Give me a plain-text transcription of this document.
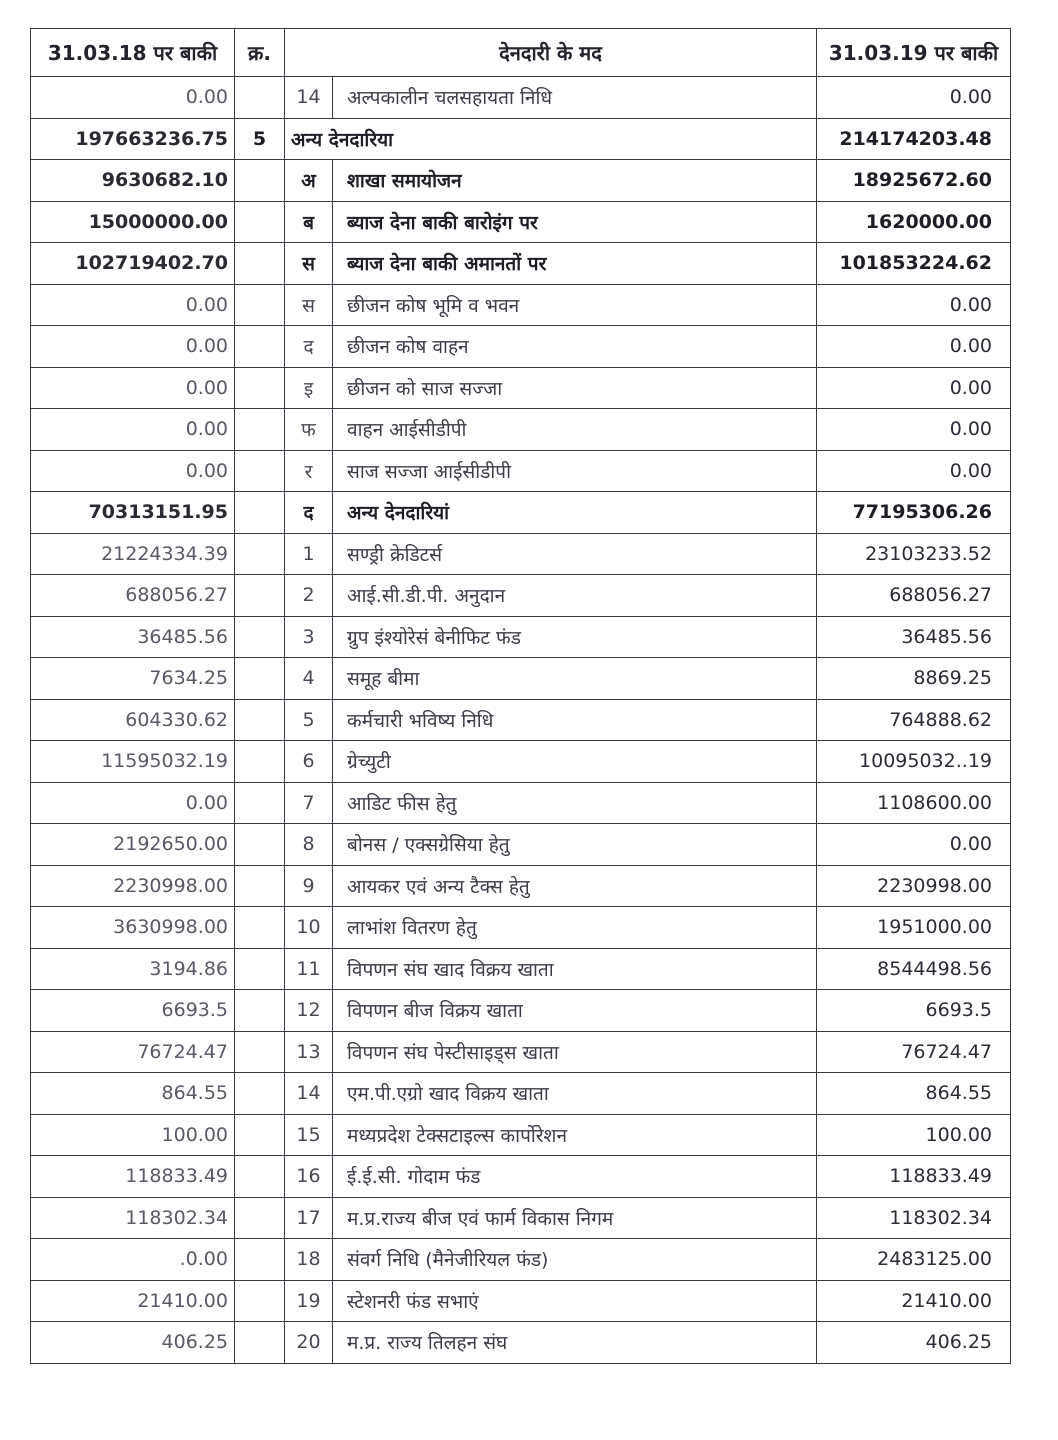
31.03.18 पर बाकी	क्र.	देनदारी के मद		31.03.19 पर बाकी
0.00		14	अल्पकालीन चलसहायता निधि	0.00
197663236.75	5	अन्य देनदारिया		214174203.48
9630682.10		अ	शाखा समायोजन	18925672.60
15000000.00		ब	ब्याज देना बाकी बारोइंग पर	1620000.00
102719402.70		स	ब्याज देना बाकी अमानतों पर	101853224.62
0.00		स	छीजन कोष भूमि व भवन	0.00
0.00		द	छीजन कोष वाहन	0.00
0.00		इ	छीजन को साज सज्जा	0.00
0.00		फ	वाहन आईसीडीपी	0.00
0.00		र	साज सज्जा आईसीडीपी	0.00
70313151.95		द	अन्य देनदारियां	77195306.26
21224334.39		1	सण्ड्री क्रेडिटर्स	23103233.52
688056.27		2	आई.सी.डी.पी. अनुदान	688056.27
36485.56		3	ग्रुप इंश्योरेसं बेनीफिट फंड	36485.56
7634.25		4	समूह बीमा	8869.25
604330.62		5	कर्मचारी भविष्य निधि	764888.62
11595032.19		6	ग्रेच्युटी	10095032..19
0.00		7	आडिट फीस हेतु	1108600.00
2192650.00		8	बोनस / एक्सग्रेसिया हेतु	0.00
2230998.00		9	आयकर एवं अन्य टैक्स हेतु	2230998.00
3630998.00		10	लाभांश वितरण हेतु	1951000.00
3194.86		11	विपणन संघ खाद विक्रय खाता	8544498.56
6693.5		12	विपणन बीज विक्रय खाता	6693.5
76724.47		13	विपणन संघ पेस्टीसाइड्स खाता	76724.47
864.55		14	एम.पी.एग्रो खाद विक्रय खाता	864.55
100.00		15	मध्यप्रदेश टेक्सटाइल्स कार्पोरेशन	100.00
118833.49		16	ई.ई.सी. गोदाम फंड	118833.49
118302.34		17	म.प्र.राज्य बीज एवं फार्म विकास निगम	118302.34
.0.00		18	संवर्ग निधि (मैनेजीरियल फंड)	2483125.00
21410.00		19	स्टेशनरी फंड सभाएं	21410.00
406.25		20	म.प्र. राज्य तिलहन संघ	406.25
